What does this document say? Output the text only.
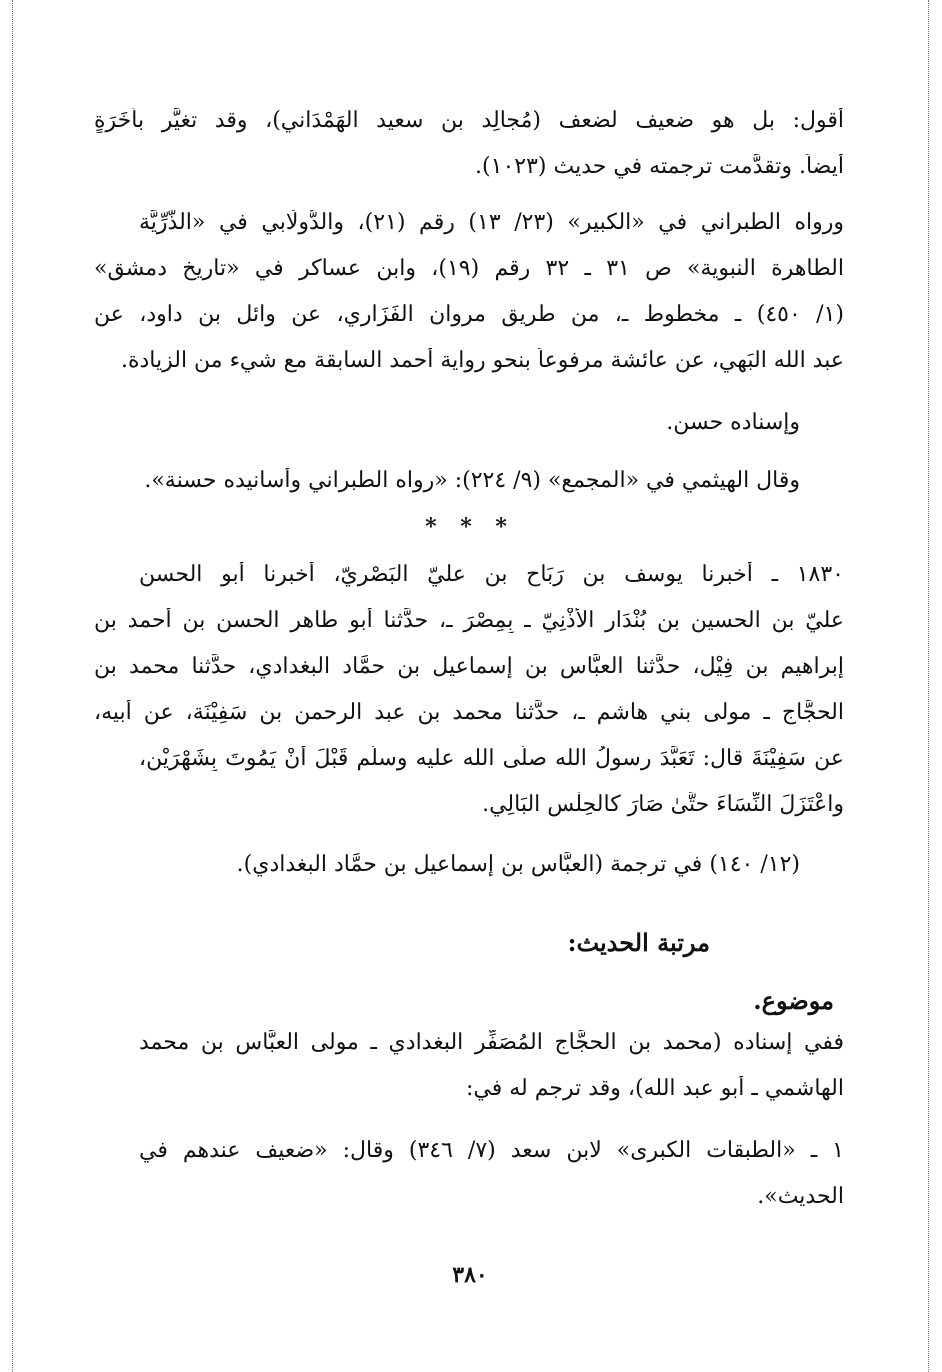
أقول: بل هو ضعيف لضعف (مُجالِد بن سعيد الهَمْدَاني)، وقد تغيَّر بأَخَرَةٍ
أيضاً. وتقدَّمت ترجمته في حديث (١٠٢٣).
ورواه الطبراني في «الكبير» (٢٣/ ١٣) رقم (٢١)، والدُّولَابي في «الذُّرِّيَّة
الطاهرة النبوية» ص ٣١ ـ ٣٢ رقم (١٩)، وابن عساكر في «تاريخ دمشق»
(١/ ٤٥٠) ـ مخطوط ـ، من طريق مروان الفَزَاري، عن وائل بن داود، عن
عبد الله البَهِي، عن عائشة مرفوعاً بنحو رواية أحمد السابقة مع شيء من الزيادة.
وإسناده حسن.
وقال الهيثمي في «المجمع» (٩/ ٢٢٤): «رواه الطبراني وأسانيده حسنة».
* * *
١٨٣٠ ـ أخبرنا يوسف بن رَبَاح بن عليّ البَصْرِيّ، أخبرنا أبو الحسن
عليّ بن الحسين بن بُنْدَار الأَذْنِيّ ـ بِمِصْرَ ـ، حدَّثنا أبو طاهر الحسن بن أحمد بن
إبراهيم بن فِيْل، حدَّثنا العبَّاس بن إسماعيل بن حمَّاد البغدادي، حدَّثنا محمد بن
الحجَّاج ـ مولى بني هاشم ـ، حدَّثنا محمد بن عبد الرحمن بن سَفِيْنَة، عن أبيه،
عن سَفِيْنَةَ قال: تَعَبَّدَ رسولُ الله صلَّى الله عليه وسلَّم قَبْلَ أَنْ يَمُوتَ بِشَهْرَيْنِ،
واعْتَزَلَ النِّسَاءَ حتَّىٰ صَارَ كالحِلْسِ البَالِي.
(١٢/ ١٤٠) في ترجمة (العبَّاس بن إسماعيل بن حمَّاد البغدادي).
مرتبة الحديث:
موضوع.
ففي إسناده (محمد بن الحجَّاج المُصَفِّر البغدادي ـ مولى العبَّاس بن محمد
الهاشمي ـ أبو عبد الله)، وقد ترجم له في:
١ ـ «الطبقات الكبرى» لابن سعد (٧/ ٣٤٦) وقال: «ضعيف عندهم في
الحديث».
٣٨٠
